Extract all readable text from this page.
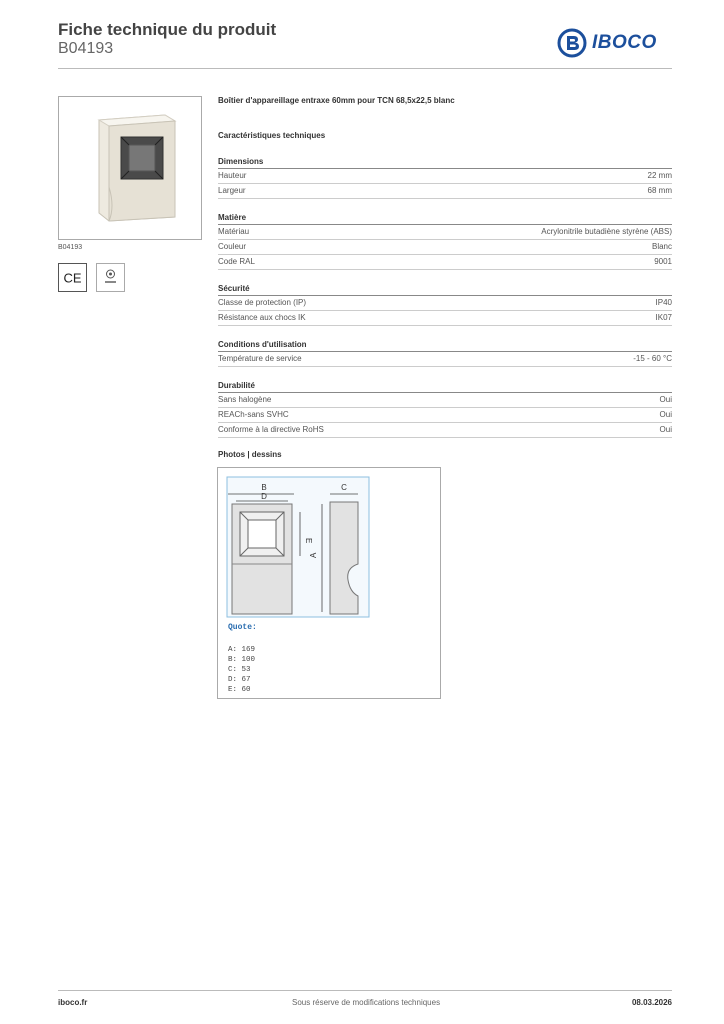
Fiche technique du produit
B04193	IBOCO
B04193
CE
Boîtier d'appareillage entraxe 60mm pour TCN 68,5x22,5 blanc
Caractéristiques techniques
Dimensions
Hauteur	22 mm
Largeur	68 mm
Matière
Matériau	Acrylonitrile butadiène styrène (ABS)
Couleur	Blanc
Code RAL	9001
Sécurité
Classe de protection (IP)	IP40
Résistance aux chocs IK	IK07
Conditions d'utilisation
Température de service	-15 - 60 °C
Durabilité
Sans halogène	Oui
REACh-sans SVHC	Oui
Conforme à la directive RoHS	Oui
Photos | dessins
B
D
E
C
A
Quote:
A: 169
B: 100
C: 53
D: 67
E: 60
iboco.fr	Sous réserve de modifications techniques	08.03.2026
